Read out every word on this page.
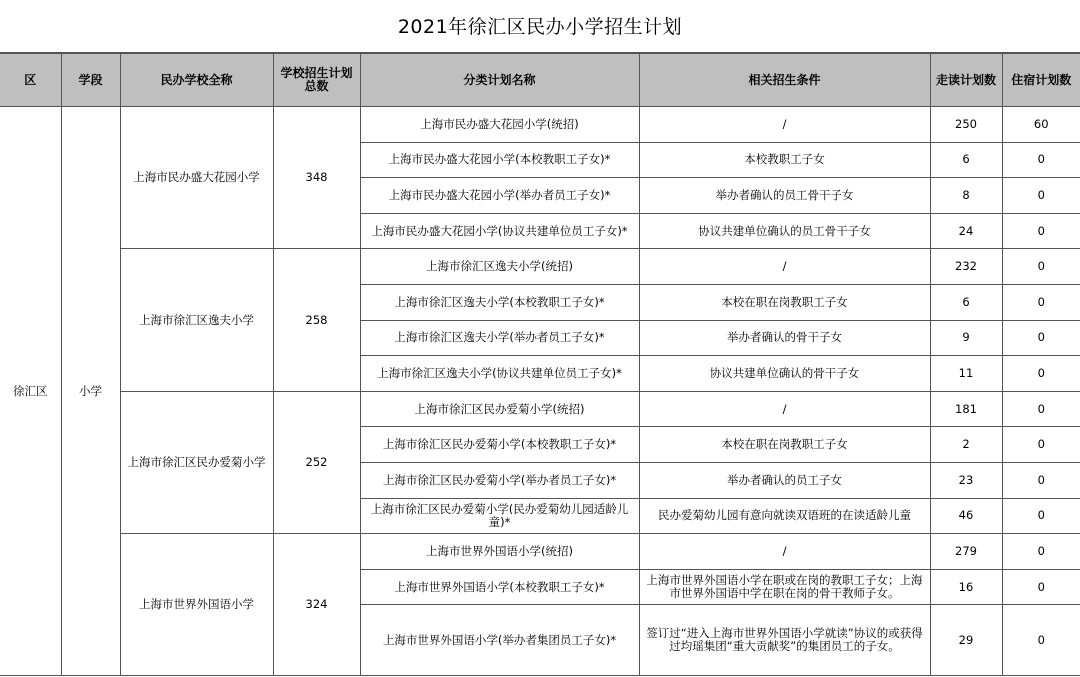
2021年徐汇区民办小学招生计划
区	学段	民办学校全称	学校招生计划总数	分类计划名称	相关招生条件	走读计划数	住宿计划数
徐汇区	小学	上海市民办盛大花园小学	348	上海市民办盛大花园小学(统招)	/	250	60
				上海市民办盛大花园小学(本校教职工子女)*	本校教职工子女	6	0
				上海市民办盛大花园小学(举办者员工子女)*	举办者确认的员工骨干子女	8	0
				上海市民办盛大花园小学(协议共建单位员工子女)*	协议共建单位确认的员工骨干子女	24	0
		上海市徐汇区逸夫小学	258	上海市徐汇区逸夫小学(统招)	/	232	0
				上海市徐汇区逸夫小学(本校教职工子女)*	本校在职在岗教职工子女	6	0
				上海市徐汇区逸夫小学(举办者员工子女)*	举办者确认的骨干子女	9	0
				上海市徐汇区逸夫小学(协议共建单位员工子女)*	协议共建单位确认的骨干子女	11	0
		上海市徐汇区民办爱菊小学	252	上海市徐汇区民办爱菊小学(统招)	/	181	0
				上海市徐汇区民办爱菊小学(本校教职工子女)*	本校在职在岗教职工子女	2	0
				上海市徐汇区民办爱菊小学(举办者员工子女)*	举办者确认的员工子女	23	0
				上海市徐汇区民办爱菊小学(民办爱菊幼儿园适龄儿童)*	民办爱菊幼儿园有意向就读双语班的在读适龄儿童	46	0
		上海市世界外国语小学	324	上海市世界外国语小学(统招)	/	279	0
				上海市世界外国语小学(本校教职工子女)*	上海市世界外国语小学在职或在岗的教职工子女；上海市世界外国语中学在职在岗的骨干教师子女。	16	0
				上海市世界外国语小学(举办者集团员工子女)*	签订过“进入上海市世界外国语小学就读”协议的或获得过均瑶集团“重大贡献奖”的集团员工的子女。	29	0
